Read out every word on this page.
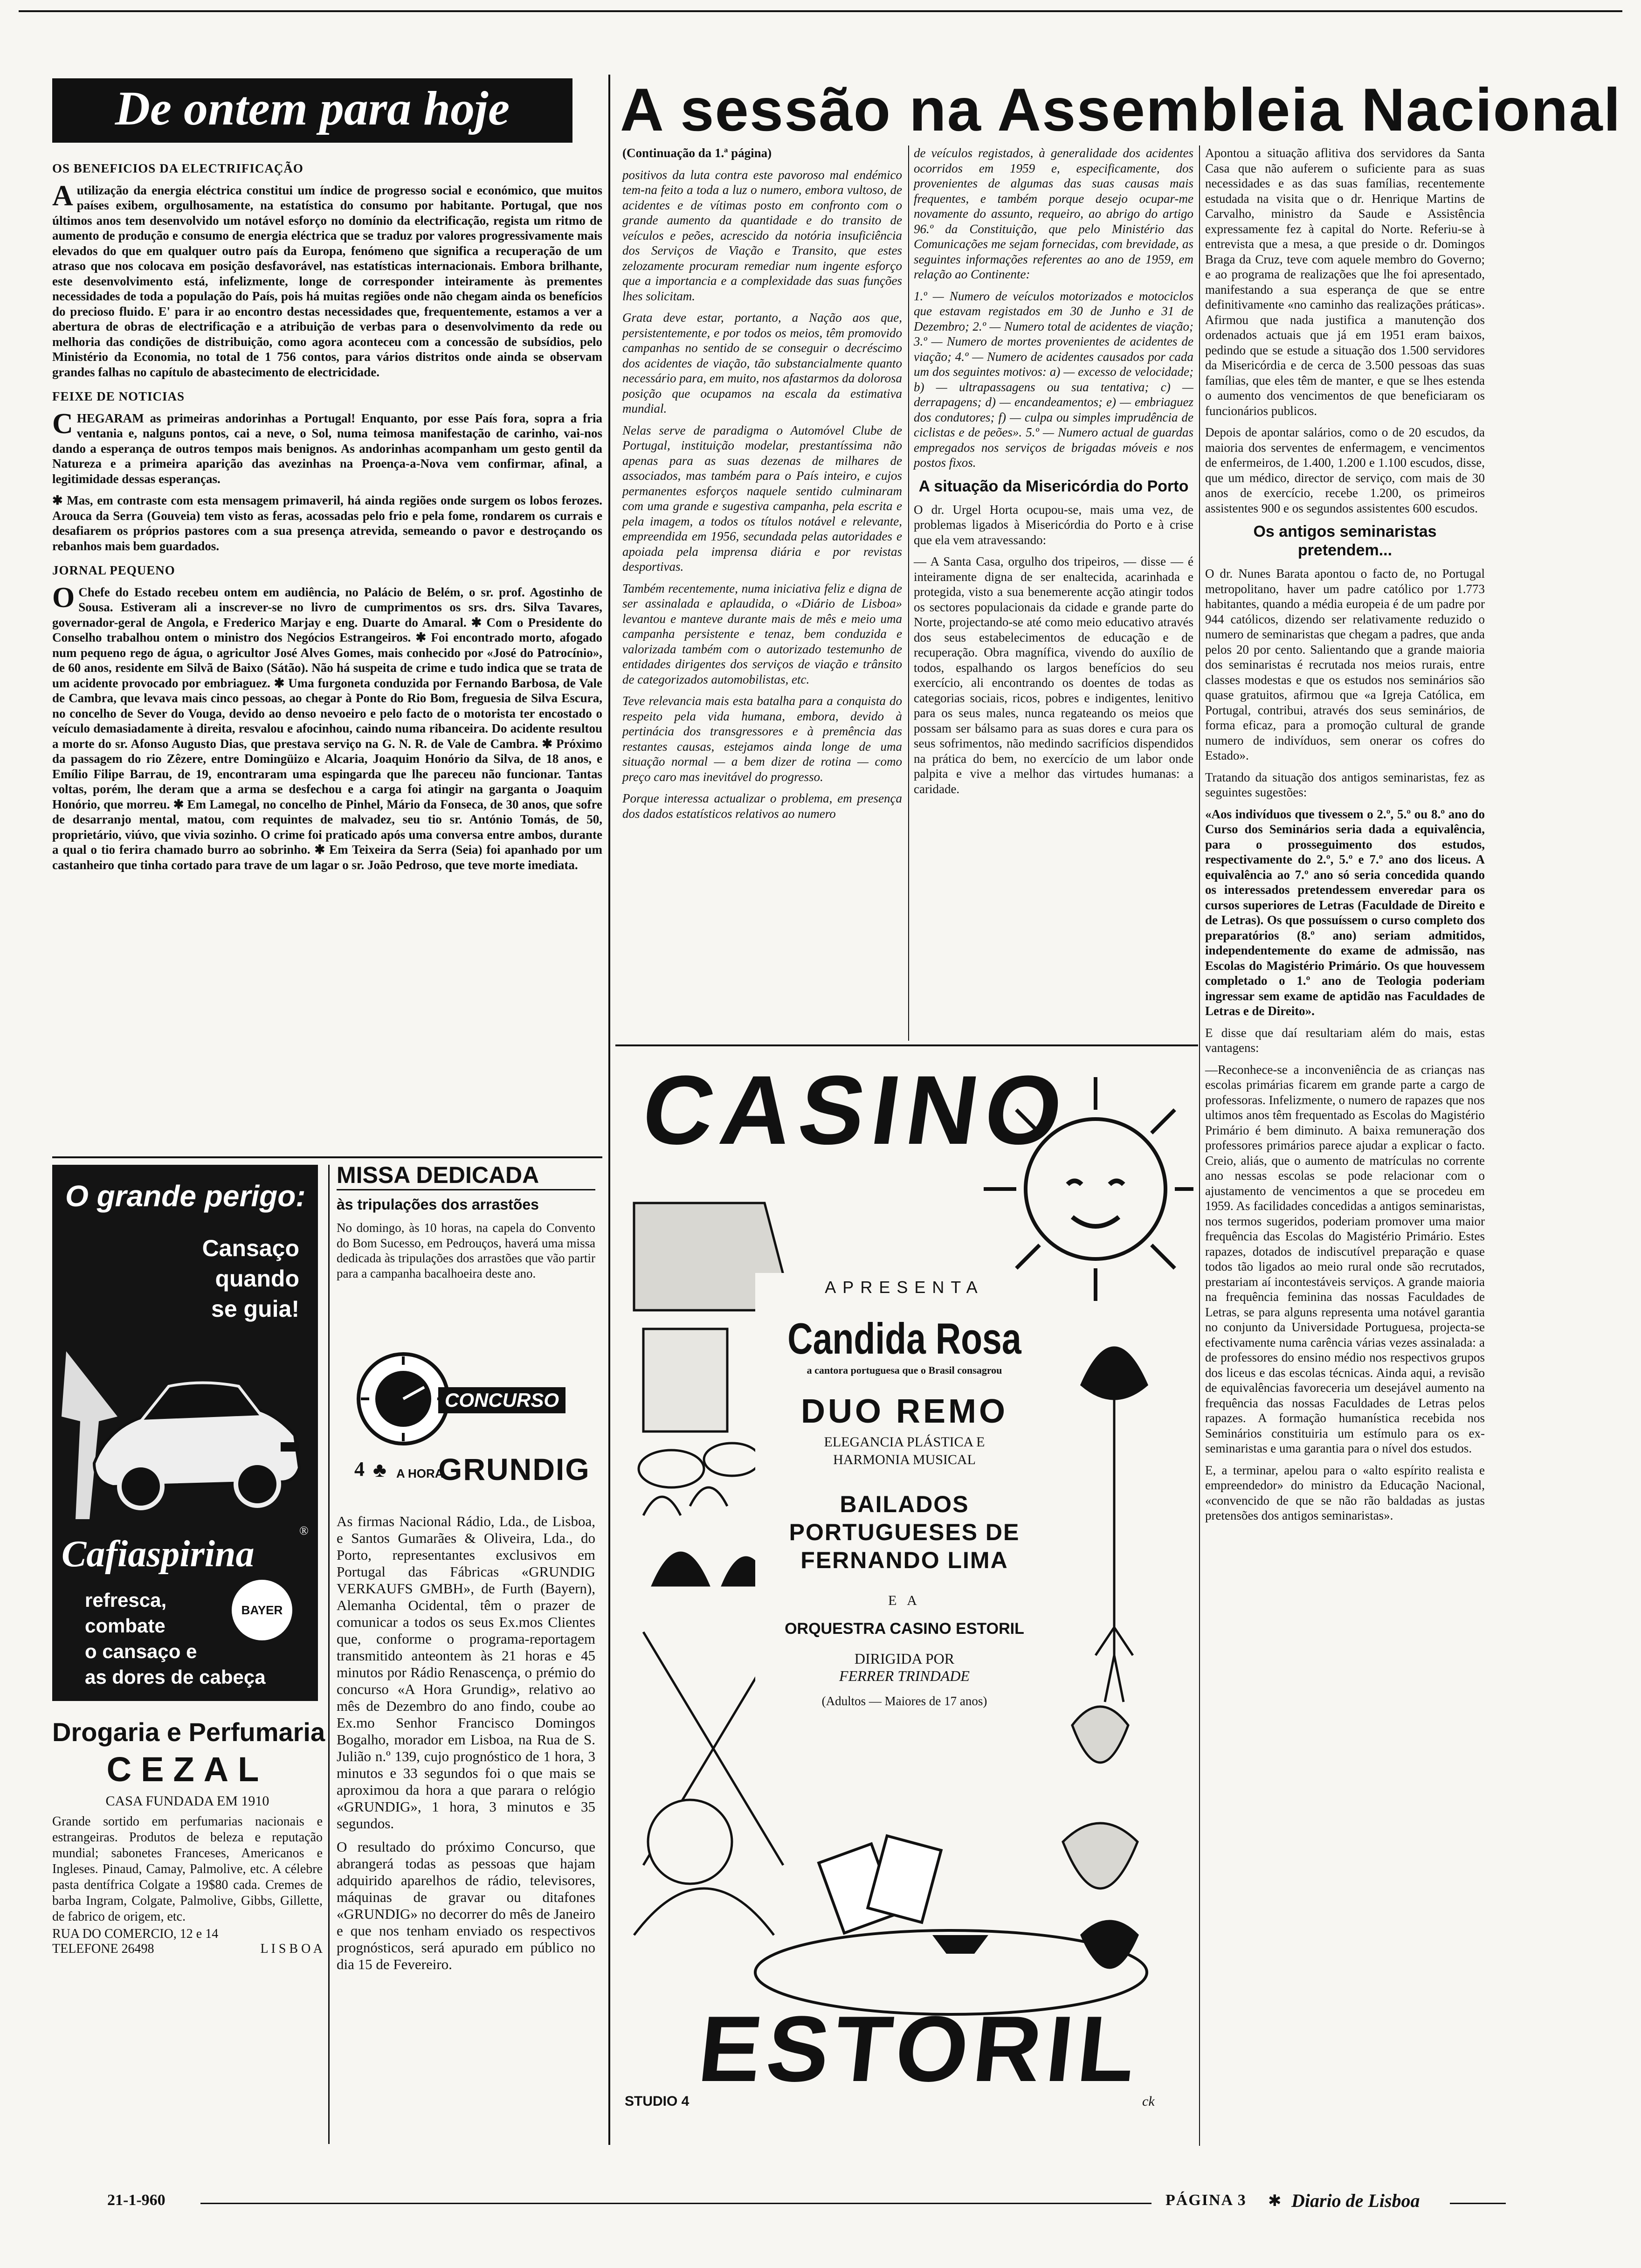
De ontem para hoje

OS BENEFICIOS DA ELECTRIFICAÇÃO

Autilização da energia eléctrica constitui um índice de progresso social e económico, que muitos países exibem, orgulhosamente, na estatística do consumo por habitante. Portugal, que nos últimos anos tem desenvolvido um notável esforço no domínio da electrificação, regista um ritmo de aumento de produção e consumo de energia eléctrica que se traduz por valores progressivamente mais elevados do que em qualquer outro país da Europa, fenómeno que significa a recuperação de um atraso que nos colocava em posição desfavorável, nas estatísticas internacionais. Embora brilhante, este desenvolvimento está, infelizmente, longe de corresponder inteiramente às prementes necessidades de toda a população do País, pois há muitas regiões onde não chegam ainda os benefícios do precioso fluido. E' para ir ao encontro destas necessidades que, frequentemente, estamos a ver a abertura de obras de electrificação e a atribuição de verbas para o desenvolvimento da rede ou melhoria das condições de distribuição, como agora aconteceu com a concessão de subsídios, pelo Ministério da Economia, no total de 1 756 contos, para vários distritos onde ainda se observam grandes falhas no capítulo de abastecimento de electricidade.

FEIXE DE NOTICIAS

CHEGARAM as primeiras andorinhas a Portugal! Enquanto, por esse País fora, sopra a fria ventania e, nalguns pontos, cai a neve, o Sol, numa teimosa manifestação de carinho, vai-nos dando a esperança de outros tempos mais benignos. As andorinhas acompanham um gesto gentil da Natureza e a primeira aparição das avezinhas na Proença-a-Nova vem confirmar, afinal, a legitimidade dessas esperanças.

✱ Mas, em contraste com esta mensagem primaveril, há ainda regiões onde surgem os lobos ferozes. Arouca da Serra (Gouveia) tem visto as feras, acossadas pelo frio e pela fome, rondarem os currais e desafiarem os próprios pastores com a sua presença atrevida, semeando o pavor e destroçando os rebanhos mais bem guardados.

JORNAL PEQUENO

OChefe do Estado recebeu ontem em audiência, no Palácio de Belém, o sr. prof. Agostinho de Sousa. Estiveram ali a inscrever-se no livro de cumprimentos os srs. drs. Silva Tavares, governador-geral de Angola, e Frederico Marjay e eng. Duarte do Amaral. ✱ Com o Presidente do Conselho trabalhou ontem o ministro dos Negócios Estrangeiros. ✱ Foi encontrado morto, afogado num pequeno rego de água, o agricultor José Alves Gomes, mais conhecido por «José do Patrocínio», de 60 anos, residente em Silvã de Baixo (Sátão). Não há suspeita de crime e tudo indica que se trata de um acidente provocado por embriaguez. ✱ Uma furgoneta conduzida por Fernando Barbosa, de Vale de Cambra, que levava mais cinco pessoas, ao chegar à Ponte do Rio Bom, freguesia de Silva Escura, no concelho de Sever do Vouga, devido ao denso nevoeiro e pelo facto de o motorista ter encostado o veículo demasiadamente à direita, resvalou e afocinhou, caindo numa ribanceira. Do acidente resultou a morte do sr. Afonso Augusto Dias, que prestava serviço na G. N. R. de Vale de Cambra. ✱ Próximo da passagem do rio Zêzere, entre Domingüizo e Alcaria, Joaquim Honório da Silva, de 18 anos, e Emílio Filipe Barrau, de 19, encontraram uma espingarda que lhe pareceu não funcionar. Tantas voltas, porém, lhe deram que a arma se desfechou e a carga foi atingir na garganta o Joaquim Honório, que morreu. ✱ Em Lamegal, no concelho de Pinhel, Mário da Fonseca, de 30 anos, que sofre de desarranjo mental, matou, com requintes de malvadez, seu tio sr. António Tomás, de 50, proprietário, viúvo, que vivia sozinho. O crime foi praticado após uma conversa entre ambos, durante a qual o tio ferira chamado burro ao sobrinho. ✱ Em Teixeira da Serra (Seia) foi apanhado por um castanheiro que tinha cortado para trave de um lagar o sr. João Pedroso, que teve morte imediata.

O grande perigo:
Cansaço
quando
se guia!
Cafiaspirina
®
refresca,
combate
o cansaço e
as dores de cabeça
BAYER
Drogaria e Perfumaria
CEZAL
CASA FUNDADA EM 1910

Grande sortido em perfumarias nacionais e estrangeiras. Produtos de beleza e reputação mundial; sabonetes Franceses, Americanos e Ingleses. Pinaud, Camay, Palmolive, etc. A célebre pasta dentífrica Colgate a 19$80 cada. Cremes de barba Ingram, Colgate, Palmolive, Gibbs, Gillette, de fabrico de origem, etc.

RUA DO COMERCIO, 12 e 14
TELEFONE 26498	L I S B O A
MISSA DEDICADA
às tripulações dos arrastões

No domingo, às 10 horas, na capela do Convento do Bom Sucesso, em Pedrouços, haverá uma missa dedicada às tripulações dos arrastões que vão partir para a campanha bacalhoeira deste ano.

CONCURSO
4 ♣ A HORA
GRUNDIG

As firmas Nacional Rádio, Lda., de Lisboa, e Santos Gumarães & Oliveira, Lda., do Porto, representantes exclusivos em Portugal das Fábricas «GRUNDIG VERKAUFS GMBH», de Furth (Bayern), Alemanha Ocidental, têm o prazer de comunicar a todos os seus Ex.mos Clientes que, conforme o programa-reportagem transmitido anteontem às 21 horas e 45 minutos por Rádio Renascença, o prémio do concurso «A Hora Grundig», relativo ao mês de Dezembro do ano findo, coube ao Ex.mo Senhor Francisco Domingos Bogalho, morador em Lisboa, na Rua de S. Julião n.º 139, cujo prognóstico de 1 hora, 3 minutos e 33 segundos foi o que mais se aproximou da hora a que parara o relógio «GRUNDIG», 1 hora, 3 minutos e 35 segundos.

O resultado do próximo Concurso, que abrangerá todas as pessoas que hajam adquirido aparelhos de rádio, televisores, máquinas de gravar ou ditafones «GRUNDIG» no decorrer do mês de Janeiro e que nos tenham enviado os respectivos prognósticos, será apurado em público no dia 15 de Fevereiro.

A sessão na Assembleia Nacional

(Continuação da 1.ª página)

positivos da luta contra este pavoroso mal endémico tem-na feito a toda a luz o numero, embora vultoso, de acidentes e de vítimas posto em confronto com o grande aumento da quantidade e do transito de veículos e peões, acrescido da notória insuficiência dos Serviços de Viação e Transito, que estes zelozamente procuram remediar num ingente esforço que a importancia e a complexidade das suas funções lhes solicitam.

Grata deve estar, portanto, a Nação aos que, persistentemente, e por todos os meios, têm promovido campanhas no sentido de se conseguir o decréscimo dos acidentes de viação, tão substancialmente quanto necessário para, em muito, nos afastarmos da dolorosa posição que ocupamos na escala da estimativa mundial.

Nelas serve de paradigma o Automóvel Clube de Portugal, instituição modelar, prestantíssima não apenas para as suas dezenas de milhares de associados, mas também para o País inteiro, e cujos permanentes esforços naquele sentido culminaram com uma grande e sugestiva campanha, pela escrita e pela imagem, a todos os títulos notável e relevante, empreendida em 1956, secundada pelas autoridades e apoiada pela imprensa diária e por revistas desportivas.

Também recentemente, numa iniciativa feliz e digna de ser assinalada e aplaudida, o «Diário de Lisboa» levantou e manteve durante mais de mês e meio uma campanha persistente e tenaz, bem conduzida e valorizada também com o autorizado testemunho de entidades dirigentes dos serviços de viação e trânsito de categorizados automobilistas, etc.

Teve relevancia mais esta batalha para a conquista do respeito pela vida humana, embora, devido à pertinácia dos transgressores e à premência das restantes causas, estejamos ainda longe de uma situação normal — a bem dizer de rotina — como preço caro mas inevitável do progresso.

Porque interessa actualizar o problema, em presença dos dados estatísticos relativos ao numero

de veículos registados, à generalidade dos acidentes ocorridos em 1959 e, especificamente, dos provenientes de algumas das suas causas mais frequentes, e também porque desejo ocupar-me novamente do assunto, requeiro, ao abrigo do artigo 96.º da Constituição, que pelo Ministério das Comunicações me sejam fornecidas, com brevidade, as seguintes informações referentes ao ano de 1959, em relação ao Continente:

1.º — Numero de veículos motorizados e motociclos que estavam registados em 30 de Junho e 31 de Dezembro; 2.º — Numero total de acidentes de viação; 3.º — Numero de mortes provenientes de acidentes de viação; 4.º — Numero de acidentes causados por cada um dos seguintes motivos: a) — excesso de velocidade; b) — ultrapassagens ou sua tentativa; c) — derrapagens; d) — encandeamentos; e) — embriaguez dos condutores; f) — culpa ou simples imprudência de ciclistas e de peões». 5.º — Numero actual de guardas empregados nos serviços de brigadas móveis e nos postos fixos.

A situação da Misericórdia do Porto

O dr. Urgel Horta ocupou-se, mais uma vez, de problemas ligados à Misericórdia do Porto e à crise que ela vem atravessando:

— A Santa Casa, orgulho dos tripeiros, — disse — é inteiramente digna de ser enaltecida, acarinhada e protegida, visto a sua benemerente acção atingir todos os sectores populacionais da cidade e grande parte do Norte, projectando-se até como meio educativo através dos seus estabelecimentos de educação e de recuperação. Obra magnífica, vivendo do auxílio de todos, espalhando os largos benefícios do seu exercício, ali encontrando os doentes de todas as categorias sociais, ricos, pobres e indigentes, lenitivo para os seus males, nunca regateando os meios que possam ser bálsamo para as suas dores e cura para os seus sofrimentos, não medindo sacrifícios dispendidos na prática do bem, no exercício de um labor onde palpita e vive a melhor das virtudes humanas: a caridade.

Apontou a situação aflitiva dos servidores da Santa Casa que não auferem o suficiente para as suas necessidades e as das suas famílias, recentemente estudada na visita que o dr. Henrique Martins de Carvalho, ministro da Saude e Assistência expressamente fez à capital do Norte. Referiu-se à entrevista que a mesa, a que preside o dr. Domingos Braga da Cruz, teve com aquele membro do Governo; e ao programa de realizações que lhe foi apresentado, manifestando a sua esperança de que se entre definitivamente «no caminho das realizações práticas». Afirmou que nada justifica a manutenção dos ordenados actuais que já em 1951 eram baixos, pedindo que se estude a situação dos 1.500 servidores da Misericórdia e de cerca de 3.500 pessoas das suas famílias, que eles têm de manter, e que se lhes estenda o aumento dos vencimentos de que beneficiaram os funcionários publicos.

Depois de apontar salários, como o de 20 escudos, da maioria dos serventes de enfermagem, e vencimentos de enfermeiros, de 1.400, 1.200 e 1.100 escudos, disse, que um médico, director de serviço, com mais de 30 anos de exercício, recebe 1.200, os primeiros assistentes 900 e os segundos assistentes 600 escudos.

Os antigos seminaristas pretendem...

O dr. Nunes Barata apontou o facto de, no Portugal metropolitano, haver um padre católico por 1.773 habitantes, quando a média europeia é de um padre por 944 católicos, dizendo ser relativamente reduzido o numero de seminaristas que chegam a padres, que anda pelos 20 por cento. Salientando que a grande maioria dos seminaristas é recrutada nos meios rurais, entre classes modestas e que os estudos nos seminários são quase gratuitos, afirmou que «a Igreja Católica, em Portugal, contribui, através dos seus seminários, de forma eficaz, para a promoção cultural de grande numero de indivíduos, sem onerar os cofres do Estado».

Tratando da situação dos antigos seminaristas, fez as seguintes sugestões:

«Aos indivíduos que tivessem o 2.º, 5.º ou 8.º ano do Curso dos Seminários seria dada a equivalência, para o prosseguimento dos estudos, respectivamente do 2.º, 5.º e 7.º ano dos liceus. A equivalência ao 7.º ano só seria concedida quando os interessados pretendessem enveredar para os cursos superiores de Letras (Faculdade de Direito e de Letras). Os que possuíssem o curso completo dos preparatórios (8.º ano) seriam admitidos, independentemente do exame de admissão, nas Escolas do Magistério Primário. Os que houvessem completado o 1.º ano de Teologia poderiam ingressar sem exame de aptidão nas Faculdades de Letras e de Direito».

E disse que daí resultariam além do mais, estas vantagens:

—Reconhece-se a inconveniência de as crianças nas escolas primárias ficarem em grande parte a cargo de professoras. Infelizmente, o numero de rapazes que nos ultimos anos têm frequentado as Escolas do Magistério Primário é bem diminuto. A baixa remuneração dos professores primários parece ajudar a explicar o facto. Creio, aliás, que o aumento de matrículas no corrente ano nessas escolas se pode relacionar com o ajustamento de vencimentos a que se procedeu em 1959. As facilidades concedidas a antigos seminaristas, nos termos sugeridos, poderiam promover uma maior frequência das Escolas do Magistério Primário. Estes rapazes, dotados de indiscutível preparação e quase todos tão ligados ao meio rural onde são recrutados, prestariam aí incontestáveis serviços. A grande maioria na frequência feminina das nossas Faculdades de Letras, se para alguns representa uma notável garantia no conjunto da Universidade Portuguesa, projecta-se efectivamente numa carência várias vezes assinalada: a de professores do ensino médio nos respectivos grupos dos liceus e das escolas técnicas. Ainda aqui, a revisão de equivalências favoreceria um desejável aumento na frequência das nossas Faculdades de Letras pelos rapazes. A formação humanística recebida nos Seminários constituiria um estímulo para os ex-seminaristas e uma garantia para o nível dos estudos.

E, a terminar, apelou para o «alto espírito realista e empreendedor» do ministro da Educação Nacional, «convencido de que se não rão baldadas as justas pretensões dos antigos seminaristas».

CASINO
APRESENTA
Candida Rosa
a cantora portuguesa que o Brasil consagrou
DUO REMO
ELEGANCIA PLÁSTICA E HARMONIA MUSICAL
BAILADOS PORTUGUESES DE FERNANDO LIMA
E A
ORQUESTRA CASINO ESTORIL
DIRIGIDA POR
FERRER TRINDADE
(Adultos — Maiores de 17 anos)
ESTORIL
STUDIO 4	ck
21-1-960	PÁGINA 3 ✱ Diario de Lisboa
